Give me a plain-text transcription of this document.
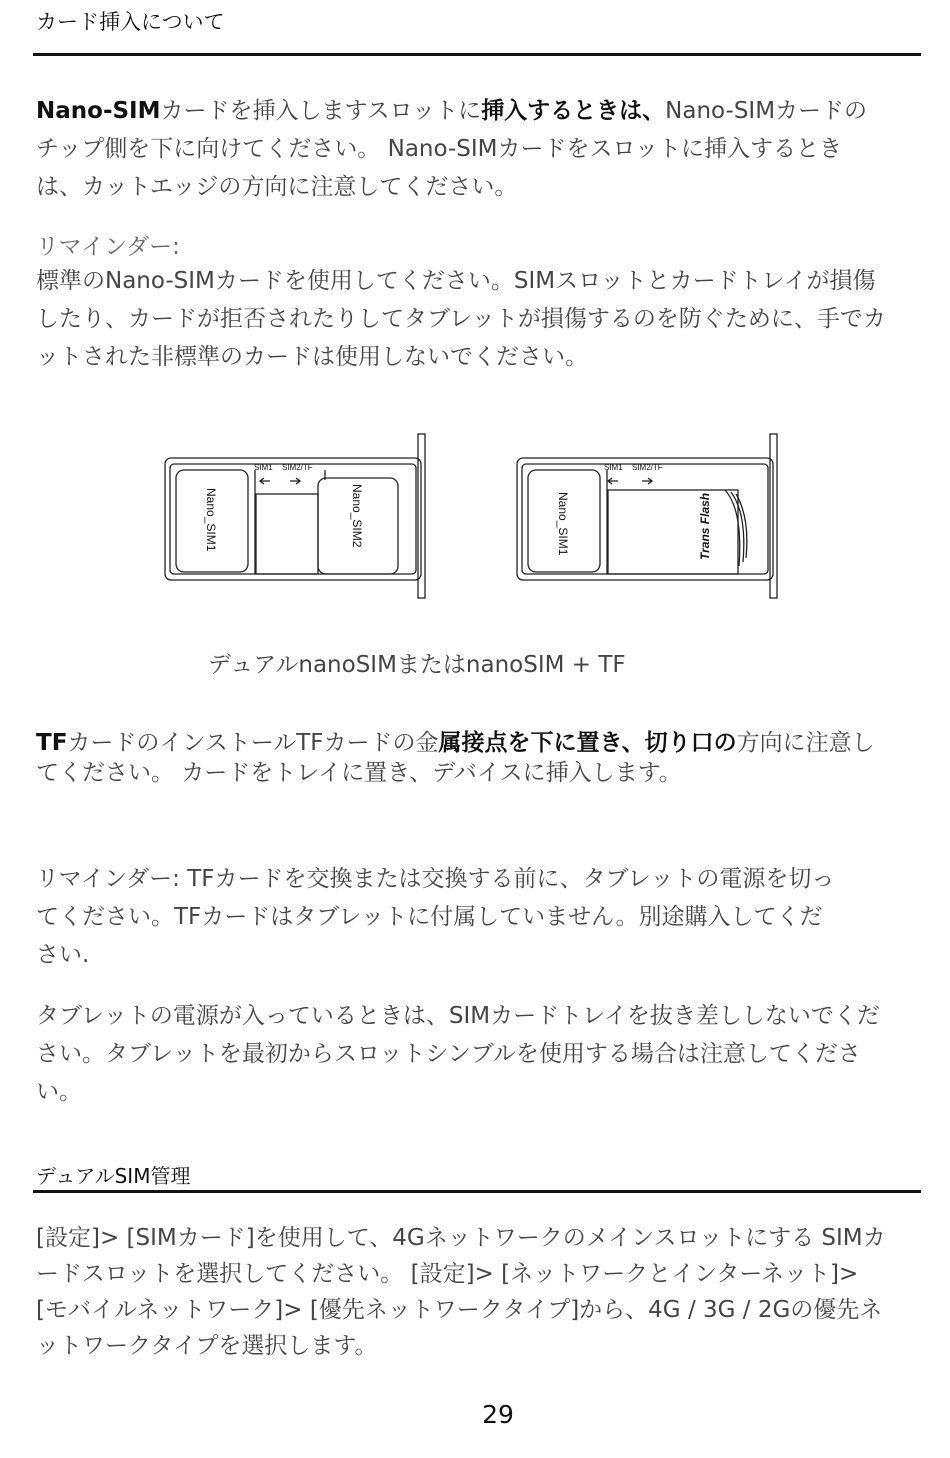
カード挿入について
Nano-SIMカードを挿入しますスロットに挿入するときは、Nano-SIMカードのチップ側を下に向けてください。 Nano-SIMカードをスロットに挿入するときは、カットエッジの方向に注意してください。
リマインダー:
標準のNano-SIMカードを使用してください。SIMスロットとカードトレイが損傷したり、カードが拒否されたりしてタブレットが損傷するのを防ぐために、手でカットされた非標準のカードは使用しないでください。
SIM1 SIM2/TF
Nano_SIM1	Nano_SIM2
SIM1 SIM2/TF
Nano_SIM1	Trans Flash
デュアルnanoSIMまたはnanoSIM + TF
TFカードのインストールTFカードの金属接点を下に置き、切り口の方向に注意してください。 カードをトレイに置き、デバイスに挿入します。
リマインダー: TFカードを交換または交換する前に、タブレットの電源を切ってください。TFカードはタブレットに付属していません。別途購入してください.
タブレットの電源が入っているときは、SIMカードトレイを抜き差ししないでください。タブレットを最初からスロットシンブルを使用する場合は注意してください。
デュアルSIM管理
[設定]> [SIMカード]を使用して、4Gネットワークのメインスロットにする SIMカードスロットを選択してください。 [設定]> [ネットワークとインターネット]> [モバイルネットワーク]> [優先ネットワークタイプ]から、4G / 3G / 2Gの優先ネットワークタイプを選択します。
29
